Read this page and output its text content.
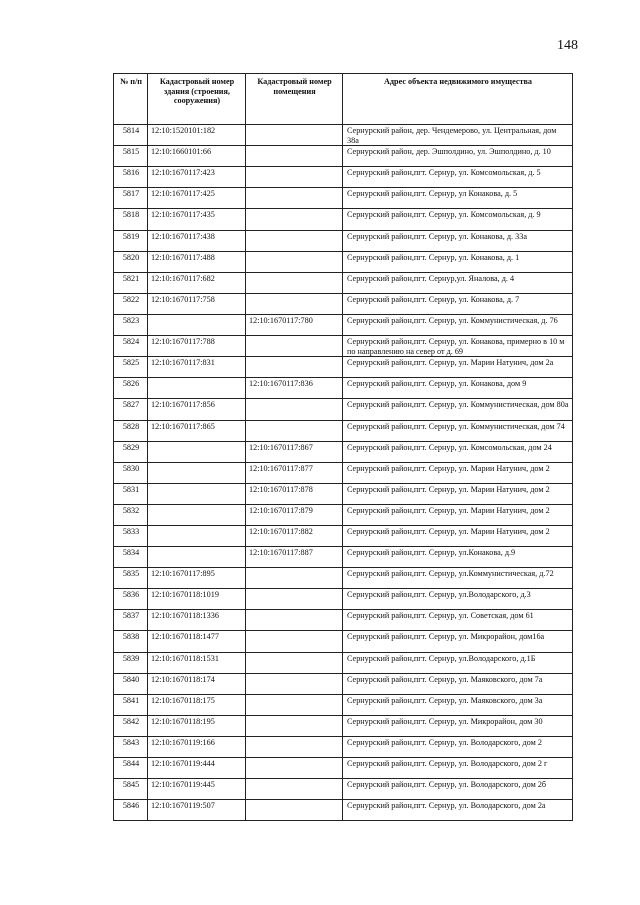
148
№ п/п	Кадастровый номер здания (строения, сооружения)	Кадастровый номер помещения	Адрес объекта недвижимого имущества
5814	12:10:1520101:182		Сернурский район, дер. Чендемерово, ул. Центральная, дом 38а
5815	12:10:1660101:66		Сернурский район, дер. Эшполдино, ул. Эшполдино, д. 10
5816	12:10:1670117:423		Сернурский район,пгт. Сернур, ул. Комсомольская, д. 5
5817	12:10:1670117:425		Сернурский район,пгт. Сернур, ул Конакова, д. 5
5818	12:10:1670117:435		Сернурский район,пгт. Сернур, ул. Комсомольская, д. 9
5819	12:10:1670117:438		Сернурский район,пгт. Сернур, ул. Конакова, д. 33а
5820	12:10:1670117:488		Сернурский район,пгт. Сернур, ул. Конакова, д. 1
5821	12:10:1670117:682		Сернурский район,пгт. Сернур,ул. Яналова, д. 4
5822	12:10:1670117:758		Сернурский район,пгт. Сернур, ул. Конакова, д. 7
5823		12:10:1670117:780	Сернурский район,пгт. Сернур, ул. Коммунистическая, д. 76
5824	12:10:1670117:788		Сернурский район,пгт. Сернур, ул. Конакова, примерно в 10 м по направлению на север от д. 69
5825	12:10:1670117:831		Сернурский район,пгт. Сернур, ул. Марии Натунич, дом 2а
5826		12:10:1670117:836	Сернурский район,пгт. Сернур, ул. Конакова, дом 9
5827	12:10:1670117:856		Сернурский район,пгт. Сернур, ул. Коммунистическая, дом 80а
5828	12:10:1670117:865		Сернурский район,пгт. Сернур, ул. Коммунистическая, дом 74
5829		12:10:1670117:867	Сернурский район,пгт. Сернур, ул. Комсомольская, дом 24
5830		12:10:1670117:877	Сернурский район,пгт. Сернур, ул. Марии Натунич, дом 2
5831		12:10:1670117:878	Сернурский район,пгт. Сернур, ул. Марии Натунич, дом 2
5832		12:10:1670117:879	Сернурский район,пгт. Сернур, ул. Марии Натунич, дом 2
5833		12:10:1670117:882	Сернурский район,пгт. Сернур, ул. Марии Натунич, дом 2
5834		12:10:1670117:887	Сернурский район,пгт. Сернур, ул.Конакова, д.9
5835	12:10:1670117:895		Сернурский район,пгт. Сернур, ул.Коммунистическая, д.72
5836	12:10:1670118:1019		Сернурский район,пгт. Сернур, ул.Володарского, д.3
5837	12:10:1670118:1336		Сернурский район,пгт. Сернур, ул. Советская, дом 61
5838	12:10:1670118:1477		Сернурский район,пгт. Сернур, ул. Микрорайон, дом16а
5839	12:10:1670118:1531		Сернурский район,пгт. Сернур, ул.Володарского, д.1Б
5840	12:10:1670118:174		Сернурский район,пгт. Сернур, ул. Маяковского, дом 7а
5841	12:10:1670118:175		Сернурский район,пгт. Сернур, ул. Маяковского, дом 3а
5842	12:10:1670118:195		Сернурский район,пгт. Сернур, ул. Микрорайон, дом 30
5843	12:10:1670119:166		Сернурский район,пгт. Сернур, ул. Володарского, дом 2
5844	12:10:1670119:444		Сернурский район,пгт. Сернур, ул. Володарского, дом 2 г
5845	12:10:1670119:445		Сернурский район,пгт. Сернур, ул. Володарского, дом 2б
5846	12:10:1670119:507		Сернурский район,пгт. Сернур, ул. Володарского, дом 2а
